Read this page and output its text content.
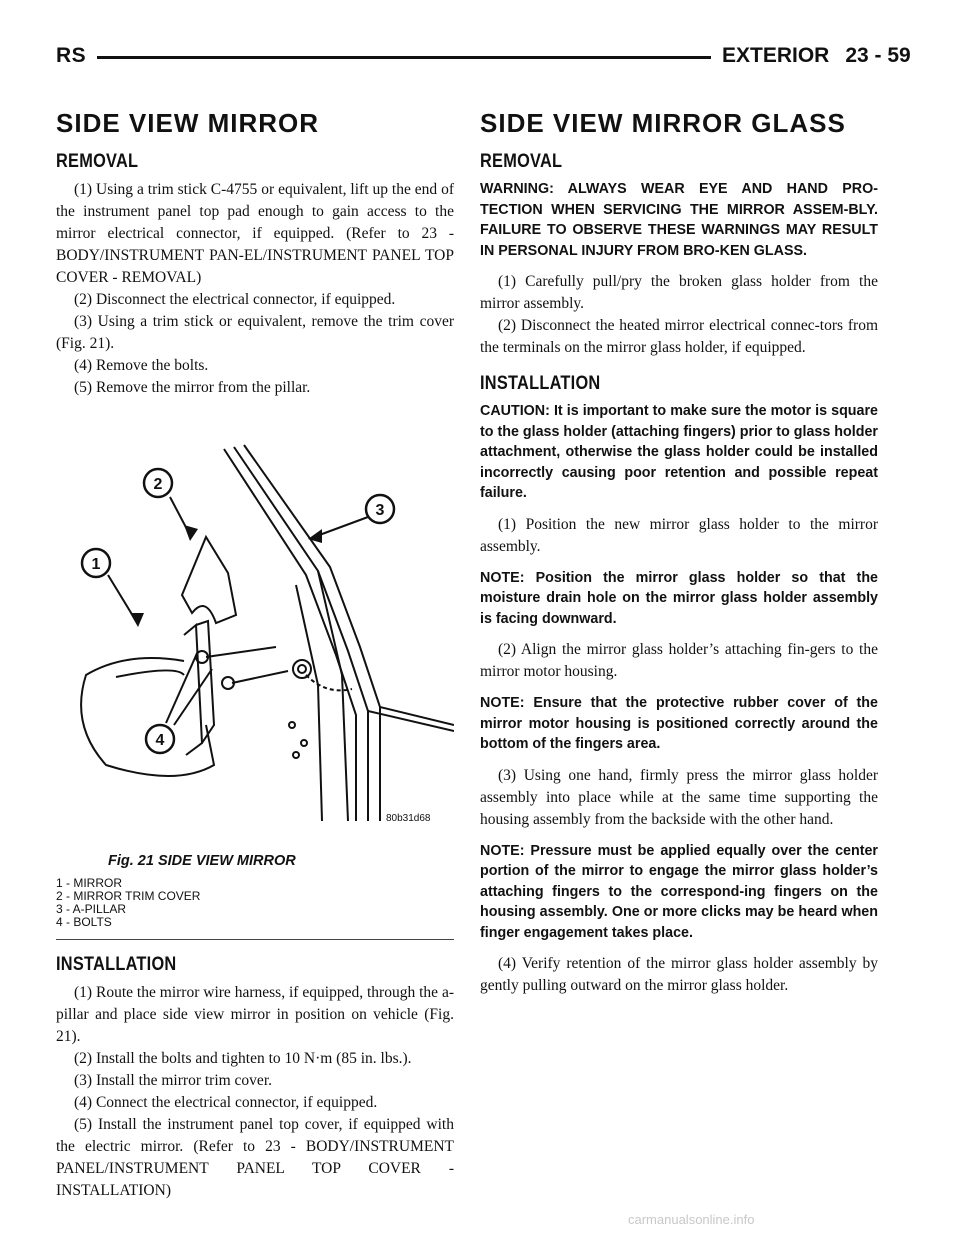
RS	EXTERIOR 23 - 59
SIDE VIEW MIRROR
REMOVAL

(1) Using a trim stick C-4755 or equivalent, lift up the end of the instrument panel top pad enough to gain access to the mirror electrical connector, if equipped. (Refer to 23 - BODY/INSTRUMENT PAN-EL/INSTRUMENT PANEL TOP COVER - REMOVAL)

(2) Disconnect the electrical connector, if equipped.

(3) Using a trim stick or equivalent, remove the trim cover (Fig. 21).

(4) Remove the bolts.

(5) Remove the mirror from the pillar.

2
3
1
4
80b31d68
Fig. 21 SIDE VIEW MIRROR
1 - MIRROR
2 - MIRROR TRIM COVER
3 - A-PILLAR
4 - BOLTS
INSTALLATION

(1) Route the mirror wire harness, if equipped, through the a-pillar and place side view mirror in position on vehicle (Fig. 21).

(2) Install the bolts and tighten to 10 N·m (85 in. lbs.).

(3) Install the mirror trim cover.

(4) Connect the electrical connector, if equipped.

(5) Install the instrument panel top cover, if equipped with the electric mirror. (Refer to 23 - BODY/INSTRUMENT PANEL/INSTRUMENT PANEL TOP COVER - INSTALLATION)

SIDE VIEW MIRROR GLASS
REMOVAL

WARNING: ALWAYS WEAR EYE AND HAND PRO-TECTION WHEN SERVICING THE MIRROR ASSEM-BLY. FAILURE TO OBSERVE THESE WARNINGS MAY RESULT IN PERSONAL INJURY FROM BRO-KEN GLASS.

(1) Carefully pull/pry the broken glass holder from the mirror assembly.

(2) Disconnect the heated mirror electrical connec-tors from the terminals on the mirror glass holder, if equipped.

INSTALLATION

CAUTION: It is important to make sure the motor is square to the glass holder (attaching fingers) prior to glass holder attachment, otherwise the glass holder could be installed incorrectly causing poor retention and possible repeat failure.

(1) Position the new mirror glass holder to the mirror assembly.

NOTE: Position the mirror glass holder so that the moisture drain hole on the mirror glass holder assembly is facing downward.

(2) Align the mirror glass holder’s attaching fin-gers to the mirror motor housing.

NOTE: Ensure that the protective rubber cover of the mirror motor housing is positioned correctly around the bottom of the fingers area.

(3) Using one hand, firmly press the mirror glass holder assembly into place while at the same time supporting the housing assembly from the backside with the other hand.

NOTE: Pressure must be applied equally over the center portion of the mirror to engage the mirror glass holder’s attaching fingers to the correspond-ing fingers on the housing assembly. One or more clicks may be heard when finger engagement takes place.

(4) Verify retention of the mirror glass holder assembly by gently pulling outward on the mirror glass holder.

carmanualsonline.info
